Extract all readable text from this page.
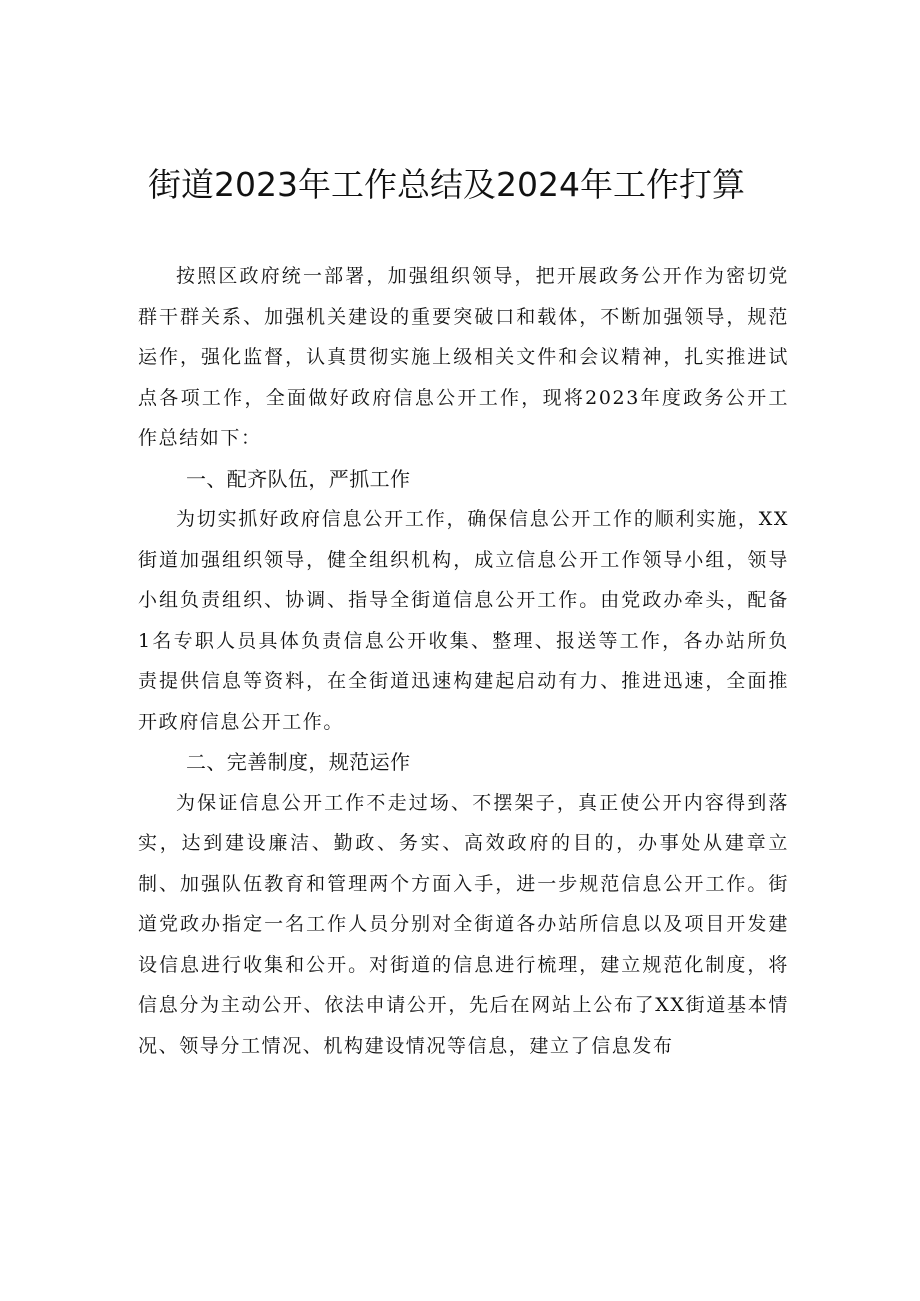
街道2023年工作总结及2024年工作打算

按照区政府统一部署，加强组织领导，把开展政务公开作为密切党群干群关系、加强机关建设的重要突破口和载体，不断加强领导，规范运作，强化监督，认真贯彻实施上级相关文件和会议精神，扎实推进试点各项工作，全面做好政府信息公开工作，现将2023年度政务公开工作总结如下：

一、配齐队伍，严抓工作

为切实抓好政府信息公开工作，确保信息公开工作的顺利实施，XX街道加强组织领导，健全组织机构，成立信息公开工作领导小组，领导小组负责组织、协调、指导全街道信息公开工作。由党政办牵头，配备1名专职人员具体负责信息公开收集、整理、报送等工作，各办站所负责提供信息等资料，在全街道迅速构建起启动有力、推进迅速，全面推开政府信息公开工作。

二、完善制度，规范运作

为保证信息公开工作不走过场、不摆架子，真正使公开内容得到落实，达到建设廉洁、勤政、务实、高效政府的目的，办事处从建章立制、加强队伍教育和管理两个方面入手，进一步规范信息公开工作。街道党政办指定一名工作人员分别对全街道各办站所信息以及项目开发建设信息进行收集和公开。对街道的信息进行梳理，建立规范化制度，将信息分为主动公开、依法申请公开，先后在网站上公布了XX街道基本情况、领导分工情况、机构建设情况等信息，建立了信息发布
